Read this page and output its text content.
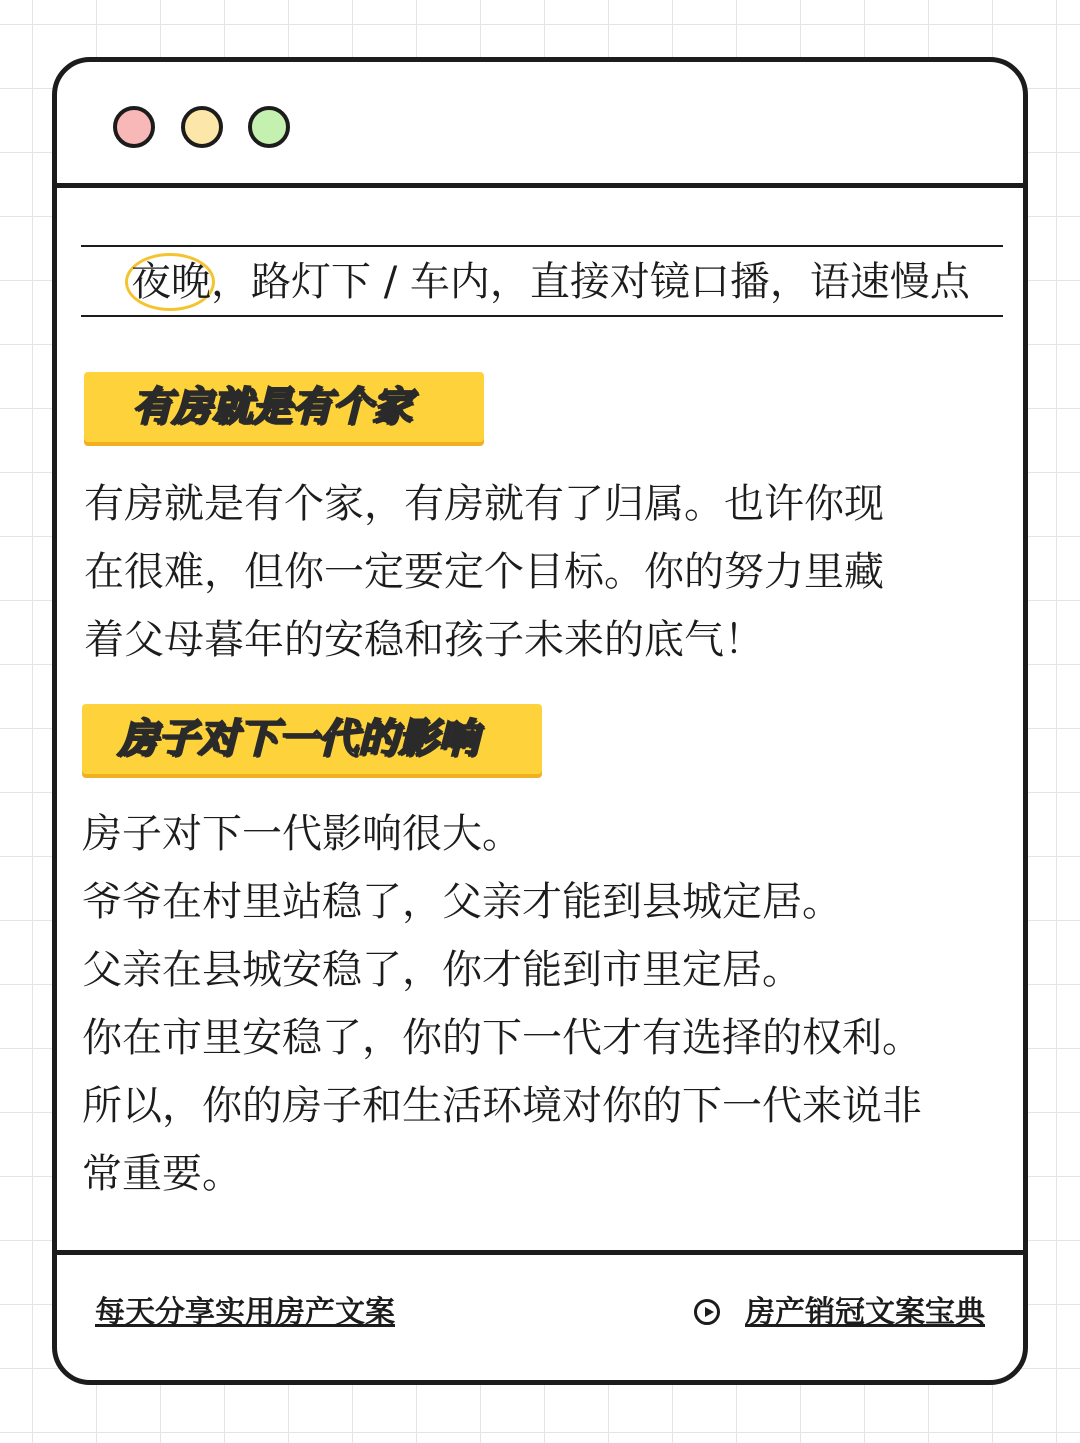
夜晚，路灯下 / 车内，直接对镜口播，语速慢点
有房就是有个家
有房就是有个家，有房就有了归属。也许你现
在很难，但你一定要定个目标。你的努力里藏
着父母暮年的安稳和孩子未来的底气！
房子对下一代的影响
房子对下一代影响很大。
爷爷在村里站稳了，父亲才能到县城定居。
父亲在县城安稳了，你才能到市里定居。
你在市里安稳了，你的下一代才有选择的权利。
所以，你的房子和生活环境对你的下一代来说非
常重要。
每天分享实用房产文案	房产销冠文案宝典
